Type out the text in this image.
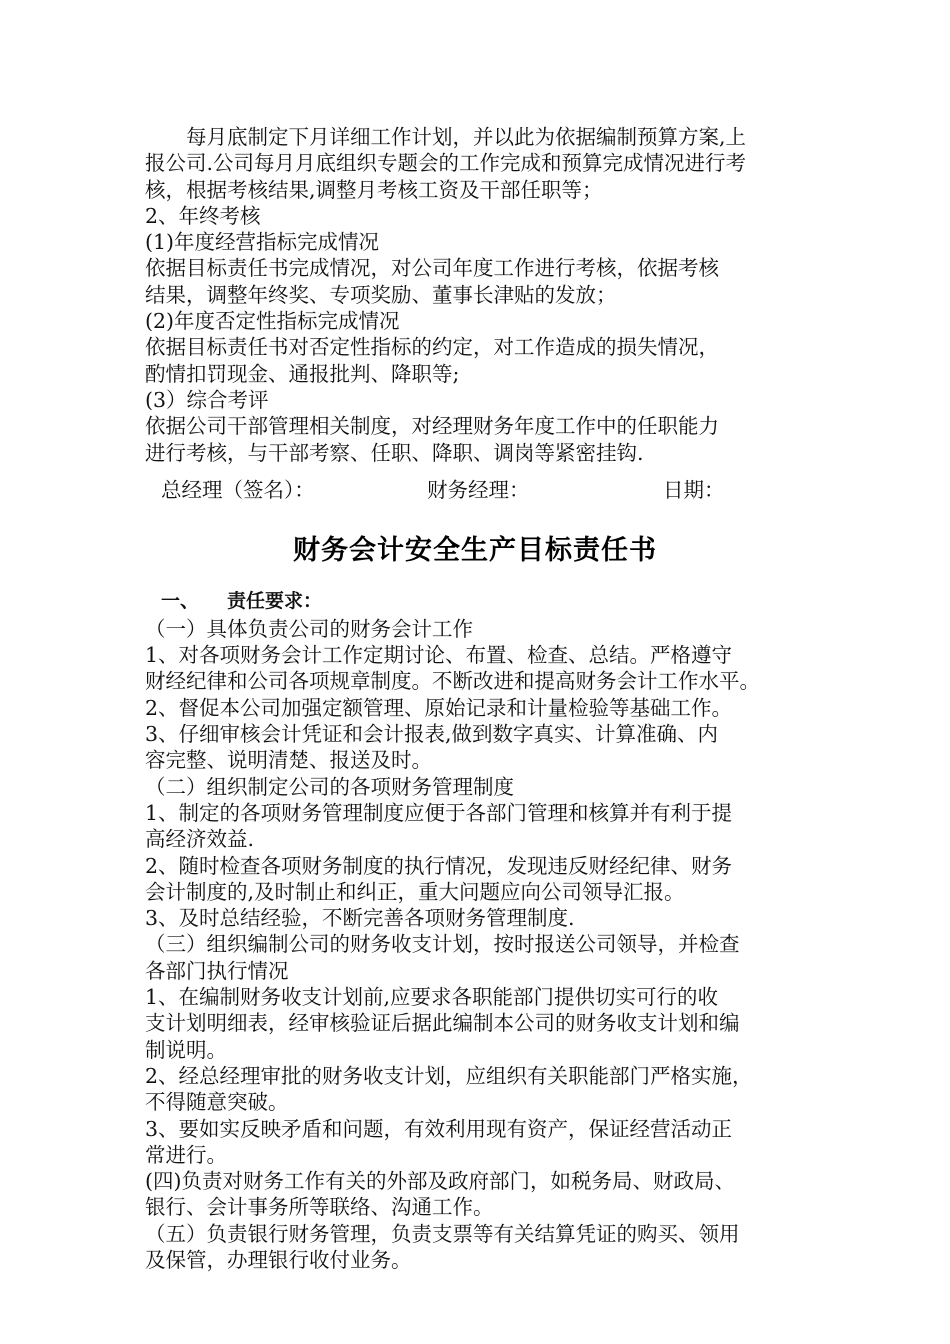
　　每月底制定下月详细工作计划，并以此为依据编制预算方案,上
报公司.公司每月月底组织专题会的工作完成和预算完成情况进行考
核，根据考核结果,调整月考核工资及干部任职等；
2、年终考核
(1)年度经营指标完成情况
依据目标责任书完成情况，对公司年度工作进行考核，依据考核
结果，调整年终奖、专项奖励、董事长津贴的发放；
(2)年度否定性指标完成情况
依据目标责任书对否定性指标的约定，对工作造成的损失情况，
酌情扣罚现金、通报批判、降职等;
(3）综合考评
依据公司干部管理相关制度，对经理财务年度工作中的任职能力
进行考核，与干部考察、任职、降职、调岗等紧密挂钩.
总经理（签名）：	财务经理：	日期：
财务会计安全生产目标责任书
一、 责任要求：
（一）具体负责公司的财务会计工作
1、对各项财务会计工作定期讨论、布置、检查、总结。严格遵守
财经纪律和公司各项规章制度。不断改进和提高财务会计工作水平。
2、督促本公司加强定额管理、原始记录和计量检验等基础工作。
3、仔细审核会计凭证和会计报表,做到数字真实、计算准确、内
容完整、说明清楚、报送及时。
（二）组织制定公司的各项财务管理制度
1、制定的各项财务管理制度应便于各部门管理和核算并有利于提
高经济效益.
2、随时检查各项财务制度的执行情况，发现违反财经纪律、财务
会计制度的,及时制止和纠正，重大问题应向公司领导汇报。
3、及时总结经验，不断完善各项财务管理制度.
（三）组织编制公司的财务收支计划，按时报送公司领导，并检查
各部门执行情况
1、在编制财务收支计划前,应要求各职能部门提供切实可行的收
支计划明细表，经审核验证后据此编制本公司的财务收支计划和编
制说明。
2、经总经理审批的财务收支计划，应组织有关职能部门严格实施，
不得随意突破。
3、要如实反映矛盾和问题，有效利用现有资产，保证经营活动正
常进行。
(四)负责对财务工作有关的外部及政府部门，如税务局、财政局、
银行、会计事务所等联络、沟通工作。
（五）负责银行财务管理，负责支票等有关结算凭证的购买、领用
及保管，办理银行收付业务。
